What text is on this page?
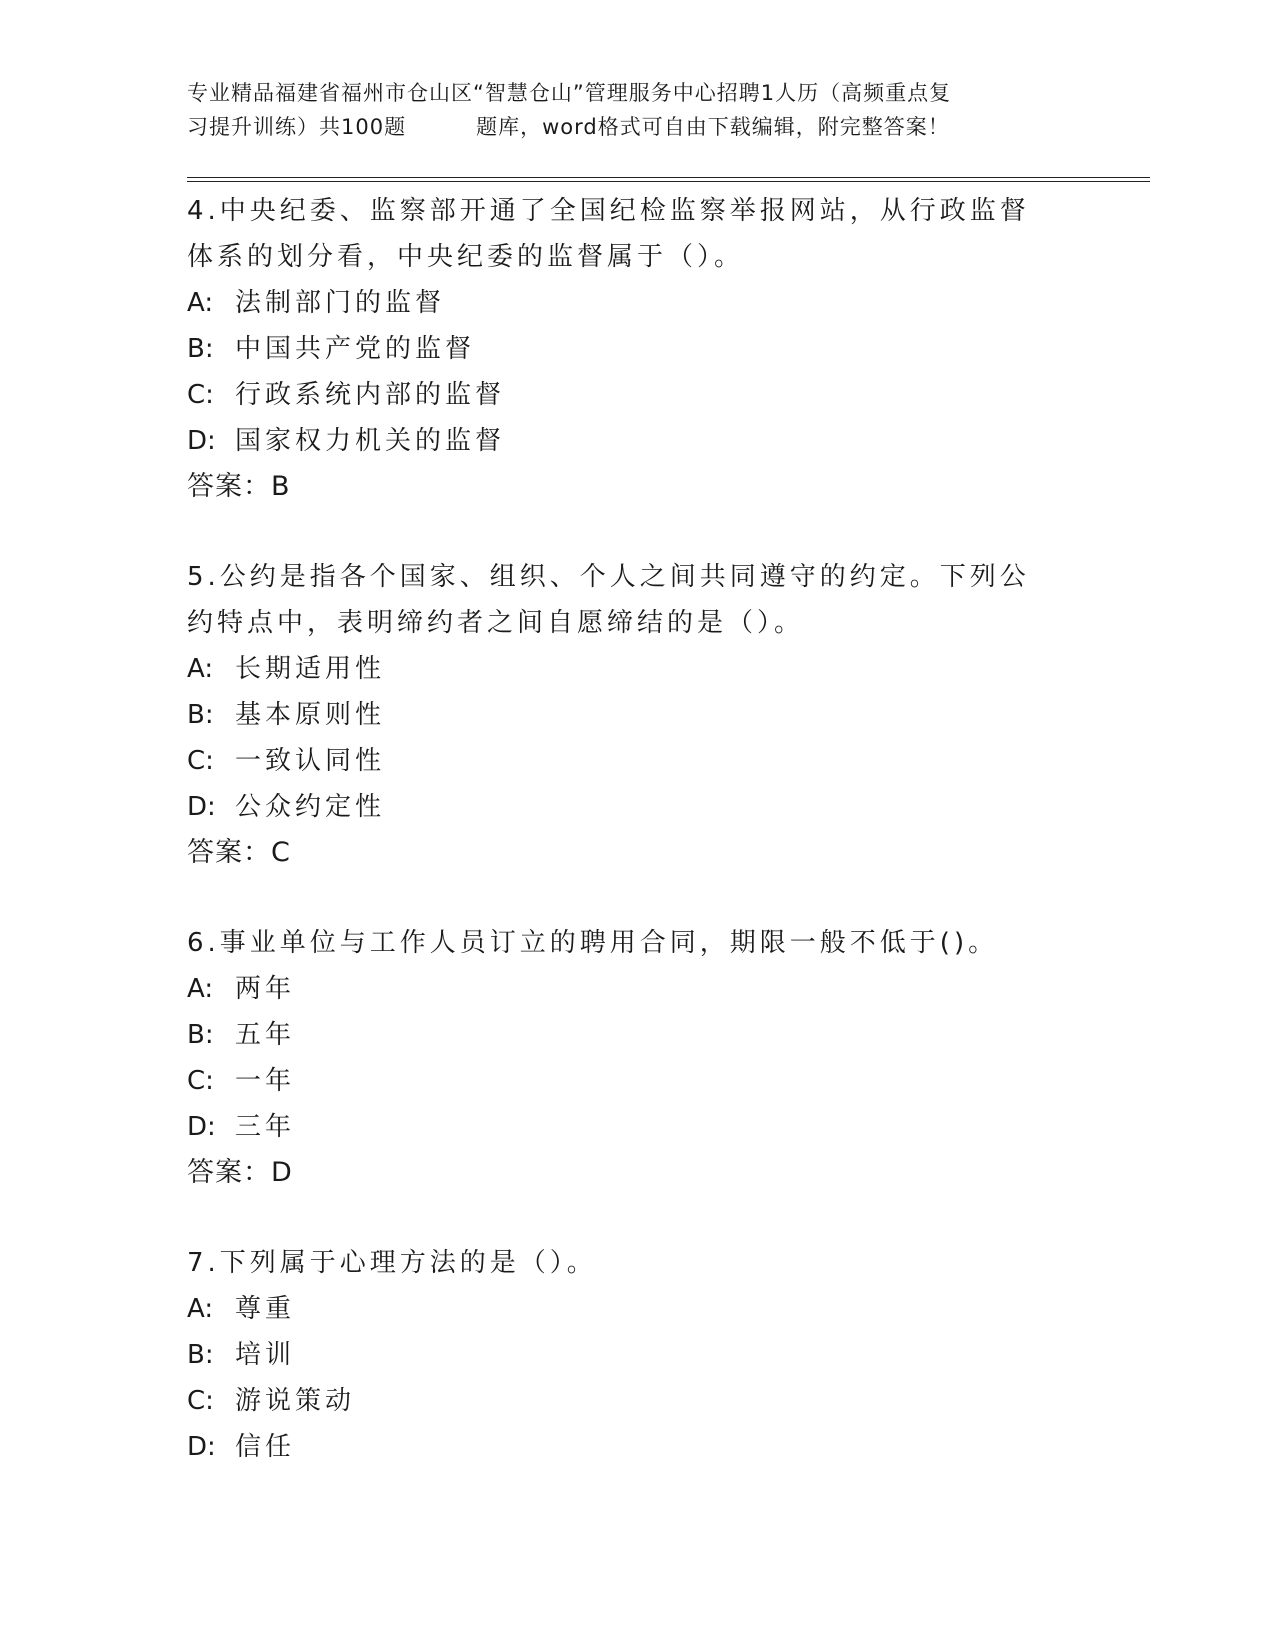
专业精品福建省福州市仓山区“智慧仓山”管理服务中心招聘1人历（高频重点复
习提升训练）共100题	题库，word格式可自由下载编辑，附完整答案！
4.中央纪委、监察部开通了全国纪检监察举报网站，从行政监督体系的划分看，中央纪委的监督属于（）。
A: 法制部门的监督
B: 中国共产党的监督
C: 行政系统内部的监督
D: 国家权力机关的监督
答案：B
5.公约是指各个国家、组织、个人之间共同遵守的约定。下列公约特点中，表明缔约者之间自愿缔结的是（）。
A: 长期适用性
B: 基本原则性
C: 一致认同性
D: 公众约定性
答案：C
6.事业单位与工作人员订立的聘用合同，期限一般不低于()。
A: 两年
B: 五年
C: 一年
D: 三年
答案：D
7.下列属于心理方法的是（）。
A: 尊重
B: 培训
C: 游说策动
D: 信任
